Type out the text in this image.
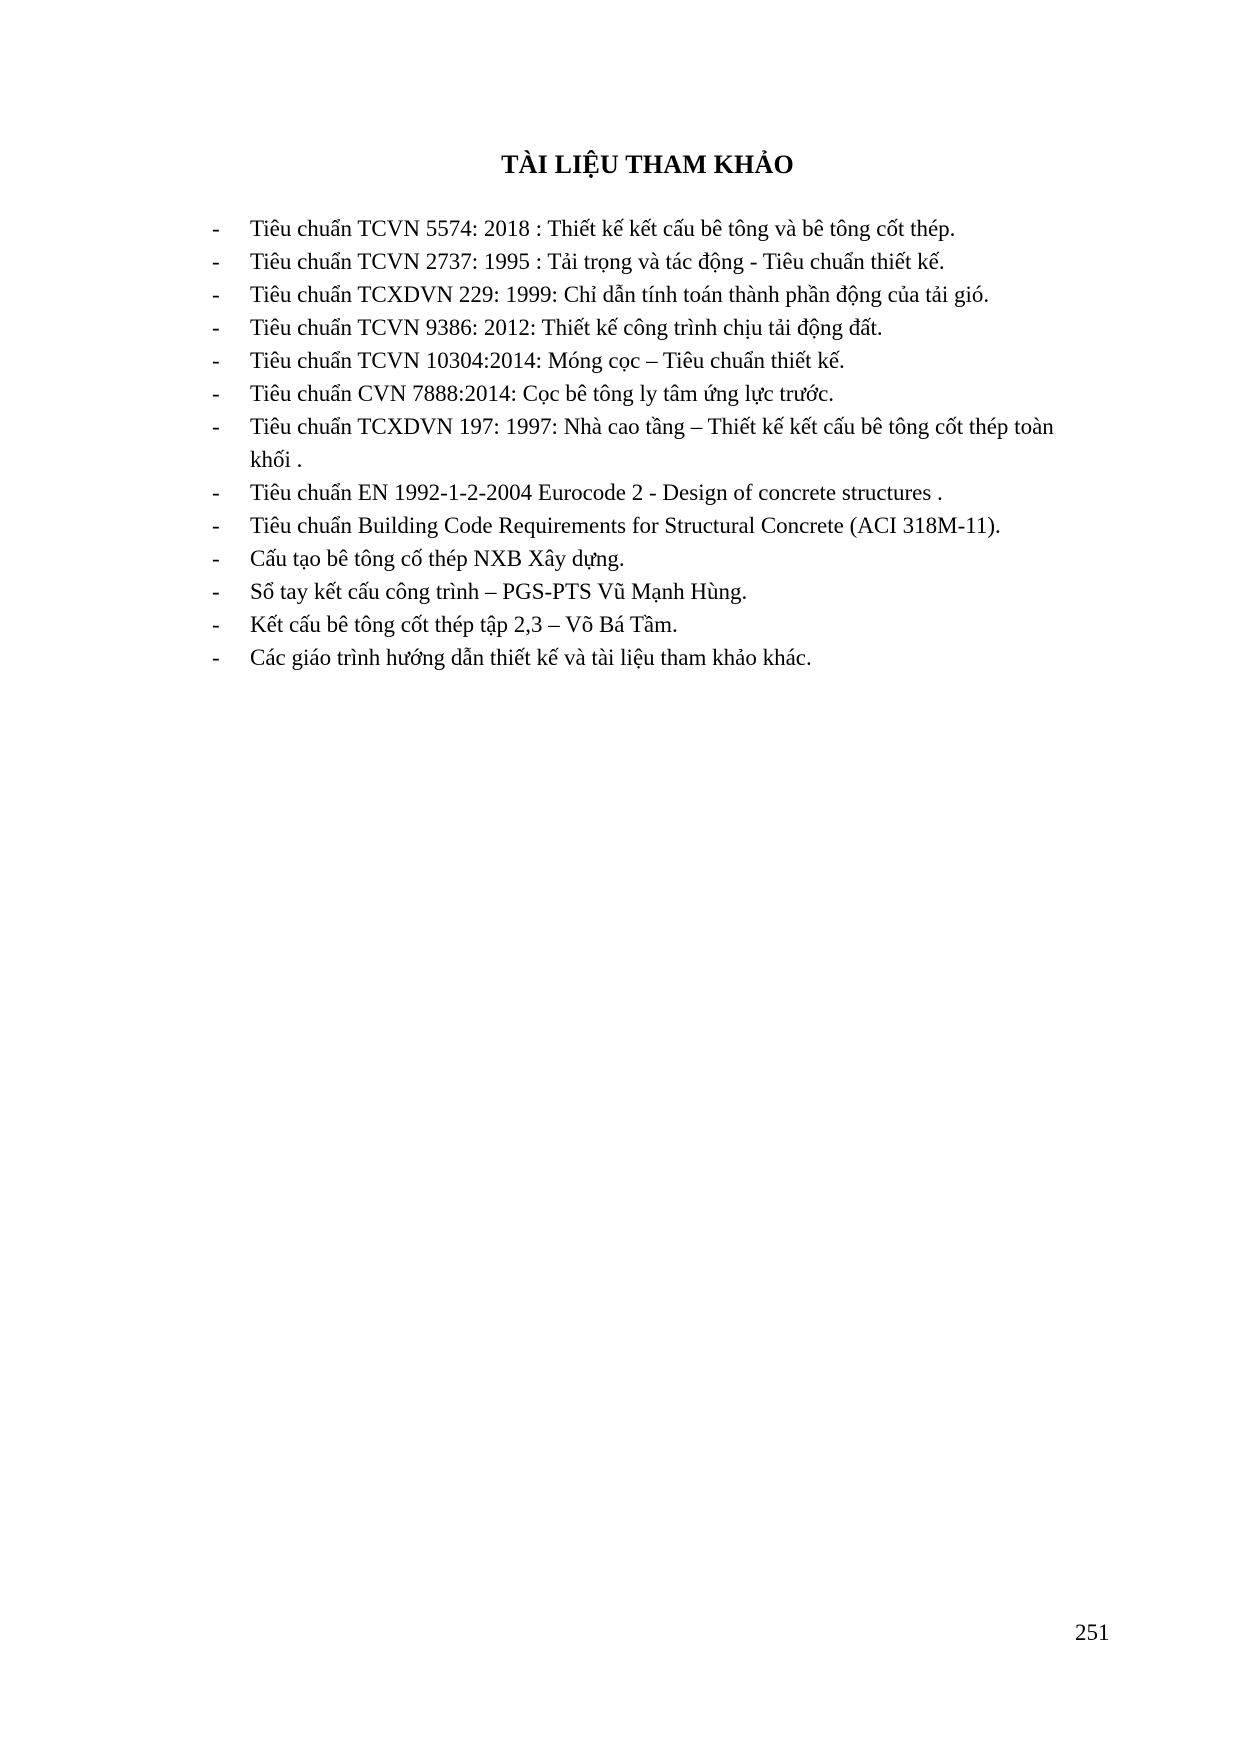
TÀI LIỆU THAM KHẢO
-	Tiêu chuẩn TCVN 5574: 2018 : Thiết kế kết cấu bê tông và bê tông cốt thép.
-	Tiêu chuẩn TCVN 2737: 1995 : Tải trọng và tác động - Tiêu chuẩn thiết kế.
-	Tiêu chuẩn TCXDVN 229: 1999: Chỉ dẫn tính toán thành phần động của tải gió.
-	Tiêu chuẩn TCVN 9386: 2012: Thiết kế công trình chịu tải động đất.
-	Tiêu chuẩn TCVN 10304:2014: Móng cọc – Tiêu chuẩn thiết kế.
-	Tiêu chuẩn CVN 7888:2014: Cọc bê tông ly tâm ứng lực trước.
-	Tiêu chuẩn TCXDVN 197: 1997: Nhà cao tầng – Thiết kế kết cấu bê tông cốt thép toàn khối .
-	Tiêu chuẩn EN 1992-1-2-2004 Eurocode 2 - Design of concrete structures .
-	Tiêu chuẩn Building Code Requirements for Structural Concrete (ACI 318M-11).
-	Cấu tạo bê tông cố thép NXB Xây dựng.
-	Sổ tay kết cấu công trình – PGS-PTS Vũ Mạnh Hùng.
-	Kết cấu bê tông cốt thép tập 2,3 – Võ Bá Tầm.
-	Các giáo trình hướng dẫn thiết kế và tài liệu tham khảo khác.
251
